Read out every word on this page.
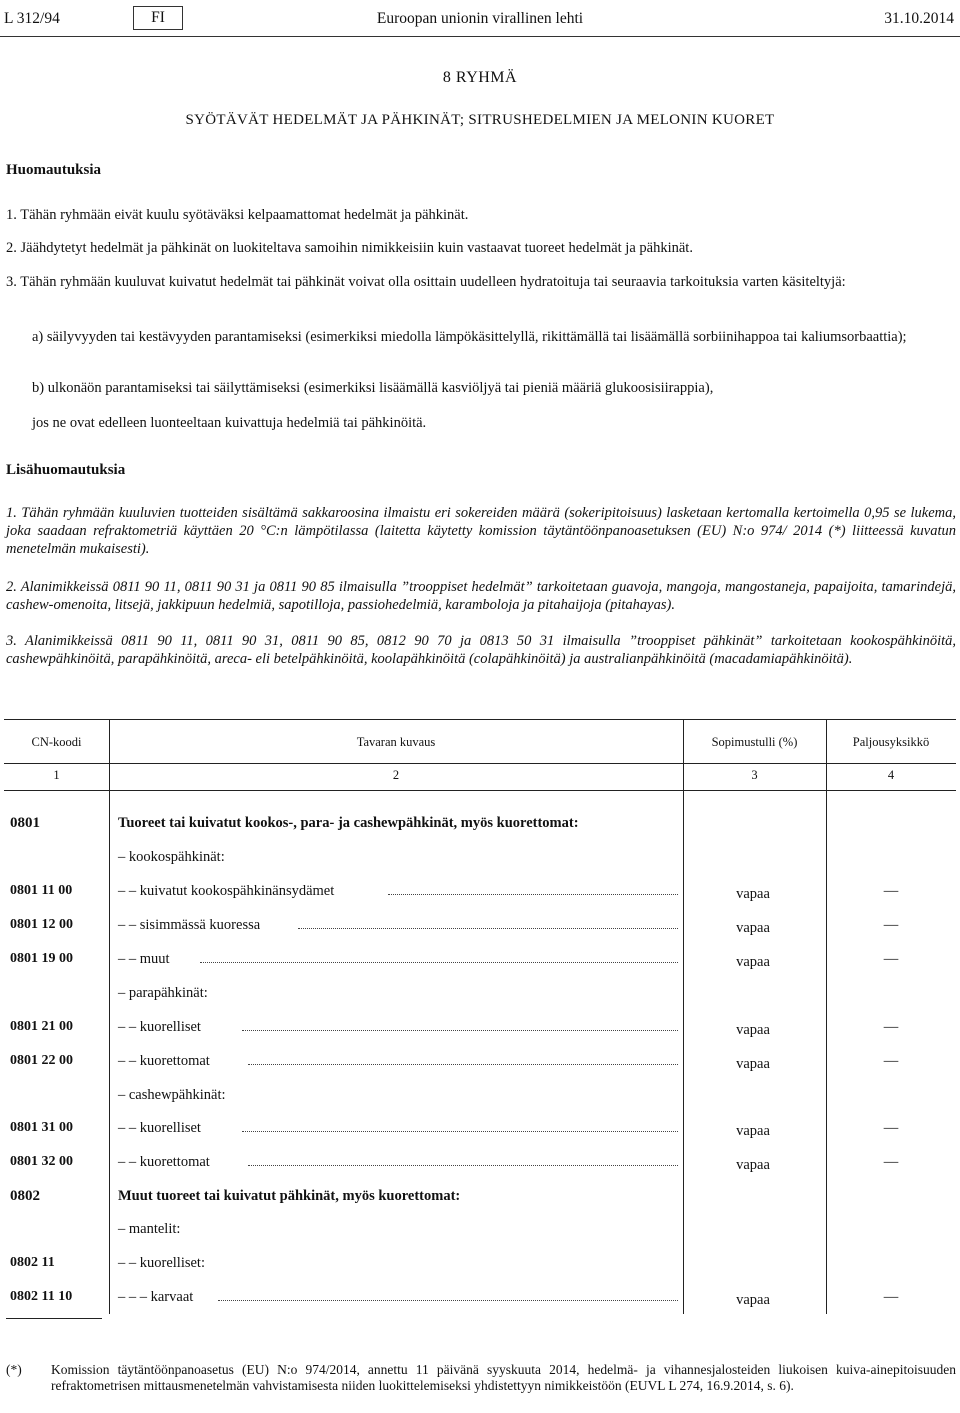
L 312/94	FI	Euroopan unionin virallinen lehti	31.10.2014
8 RYHMÄ
SYÖTÄVÄT HEDELMÄT JA PÄHKINÄT; SITRUSHEDELMIEN JA MELONIN KUORET
Huomautuksia
1. Tähän ryhmään eivät kuulu syötäväksi kelpaamattomat hedelmät ja pähkinät.
2. Jäähdytetyt hedelmät ja pähkinät on luokiteltava samoihin nimikkeisiin kuin vastaavat tuoreet hedelmät ja pähkinät.
3. Tähän ryhmään kuuluvat kuivatut hedelmät tai pähkinät voivat olla osittain uudelleen hydratoituja tai seuraavia tarkoituksia varten käsiteltyjä:
a) säilyvyyden tai kestävyyden parantamiseksi (esimerkiksi miedolla lämpökäsittelyllä, rikittämällä tai lisäämällä sorbiinihappoa tai kaliumsorbaattia);
b) ulkonäön parantamiseksi tai säilyttämiseksi (esimerkiksi lisäämällä kasviöljyä tai pieniä määriä glukoosisiirappia),
jos ne ovat edelleen luonteeltaan kuivattuja hedelmiä tai pähkinöitä.
Lisähuomautuksia
1. Tähän ryhmään kuuluvien tuotteiden sisältämä sakkaroosina ilmaistu eri sokereiden määrä (sokeripitoisuus) lasketaan kertomalla kertoimella 0,95 se lukema, joka saadaan refraktometriä käyttäen 20 °C:n lämpötilassa (laitetta käytetty komission täytäntöönpanoasetuksen (EU) N:o 974/ 2014 (*) liitteessä kuvatun menetelmän mukaisesti).
2. Alanimikkeissä 0811 90 11, 0811 90 31 ja 0811 90 85 ilmaisulla ”trooppiset hedelmät” tarkoitetaan guavoja, mangoja, mangostaneja, papaijoita, tamarindejä, cashew-omenoita, litsejä, jakkipuun hedelmiä, sapotilloja, passiohedelmiä, karamboloja ja pitahaijoja (pitahayas).
3. Alanimikkeissä 0811 90 11, 0811 90 31, 0811 90 85, 0812 90 70 ja 0813 50 31 ilmaisulla ”trooppiset pähkinät” tarkoitetaan kookospähkinöitä, cashewpähkinöitä, parapähkinöitä, areca- eli betelpähkinöitä, koolapähkinöitä (colapähkinöitä) ja australianpähkinöitä (macadamiapähkinöitä).
CN-koodi	Tavaran kuvaus	Sopimustulli (%)	Paljousyksikkö
1	2	3	4
0801	Tuoreet tai kuivatut kookos-, para- ja cashewpähkinät, myös kuorettomat:
– kookospähkinät:
0801 11 00	– – kuivatut kookospähkinänsydämet	vapaa	—
0801 12 00	– – sisimmässä kuoressa	vapaa	—
0801 19 00	– – muut	vapaa	—
– parapähkinät:
0801 21 00	– – kuorelliset	vapaa	—
0801 22 00	– – kuorettomat	vapaa	—
– cashewpähkinät:
0801 31 00	– – kuorelliset	vapaa	—
0801 32 00	– – kuorettomat	vapaa	—
0802	Muut tuoreet tai kuivatut pähkinät, myös kuorettomat:
– mantelit:
0802 11	– – kuorelliset:
0802 11 10	– – – karvaat	vapaa	—
(*) Komission täytäntöönpanoasetus (EU) N:o 974/2014, annettu 11 päivänä syyskuuta 2014, hedelmä- ja vihannesjalosteiden liukoisen kuiva-ainepitoisuuden refraktometrisen mittausmenetelmän vahvistamisesta niiden luokittelemiseksi yhdistettyyn nimikkeistöön (EUVL L 274, 16.9.2014, s. 6).
